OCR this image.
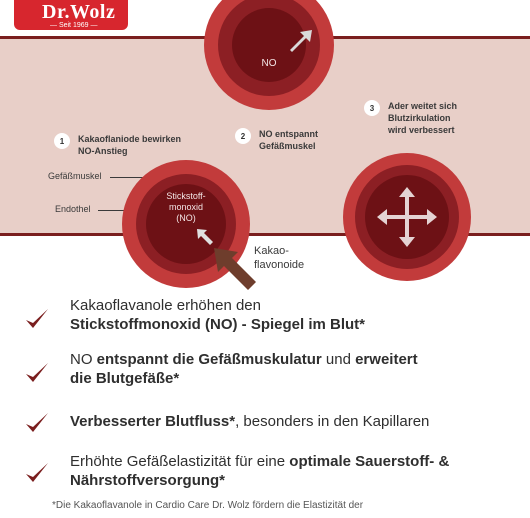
NO
Dr.Wolz
— Seit 1969 —
1	Kakaoflaniode bewirken
NO-Anstieg
2	NO entspannt
Gefäßmuskel
3	Ader weitet sich
Blutzirkulation
wird verbessert
Gefäßmuskel
Endothel
Stickstoff-
monoxid
(NO)
Kakao-
flavonoide
Kakaoflavanole erhöhen den
Stickstoffmonoxid (NO) - Spiegel im Blut*
NO entspannt die Gefäßmuskulatur und erweitert
die Blutgefäße*
Verbesserter Blutfluss*, besonders in den Kapillaren
Erhöhte Gefäßelastizität für eine optimale Sauerstoff- &
Nährstoffversorgung*
*Die Kakaoflavanole in Cardio Care Dr. Wolz fördern die Elastizität der
